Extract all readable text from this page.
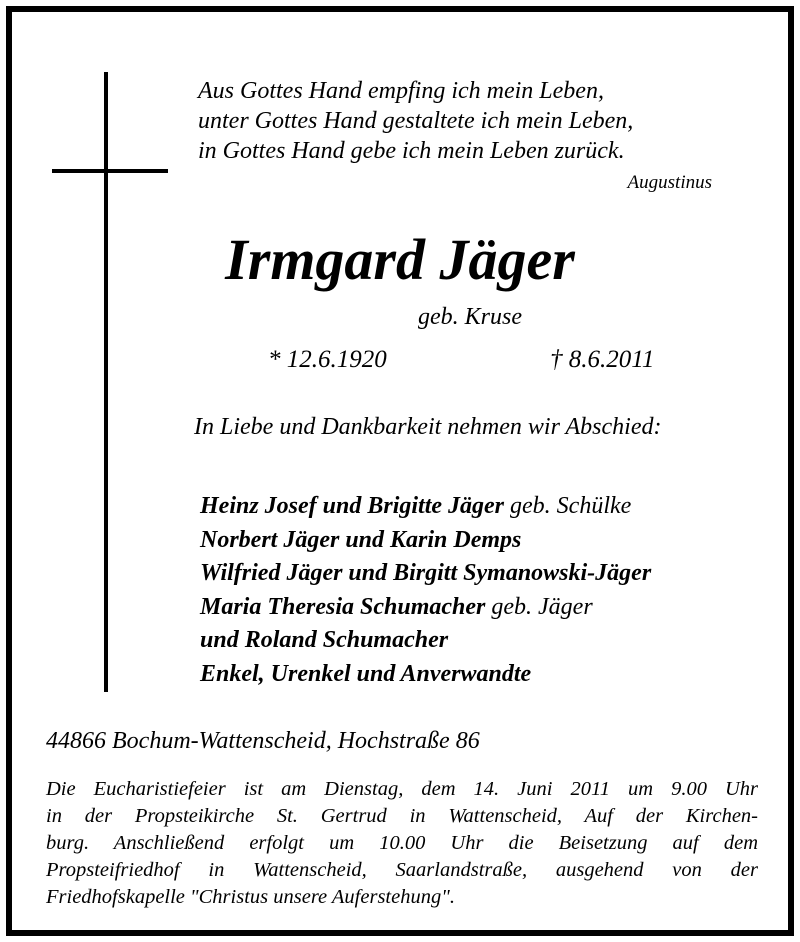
Aus Gottes Hand empfing ich mein Leben,
unter Gottes Hand gestaltete ich mein Leben,
in Gottes Hand gebe ich mein Leben zurück.
Augustinus
Irmgard Jäger
geb. Kruse
* 12.6.1920	† 8.6.2011
In Liebe und Dankbarkeit nehmen wir Abschied:
Heinz Josef und Brigitte Jäger geb. Schülke
Norbert Jäger und Karin Demps
Wilfried Jäger und Birgitt Symanowski-Jäger
Maria Theresia Schumacher geb. Jäger
und Roland Schumacher
Enkel, Urenkel und Anverwandte
44866 Bochum-Wattenscheid, Hochstraße 86
Die Eucharistiefeier ist am Dienstag, dem 14. Juni 2011 um 9.00 Uhr
in der Propsteikirche St. Gertrud in Wattenscheid, Auf der Kirchen-
burg. Anschließend erfolgt um 10.00 Uhr die Beisetzung auf dem
Propsteifriedhof in Wattenscheid, Saarlandstraße, ausgehend von der
Friedhofskapelle "Christus unsere Auferstehung".
